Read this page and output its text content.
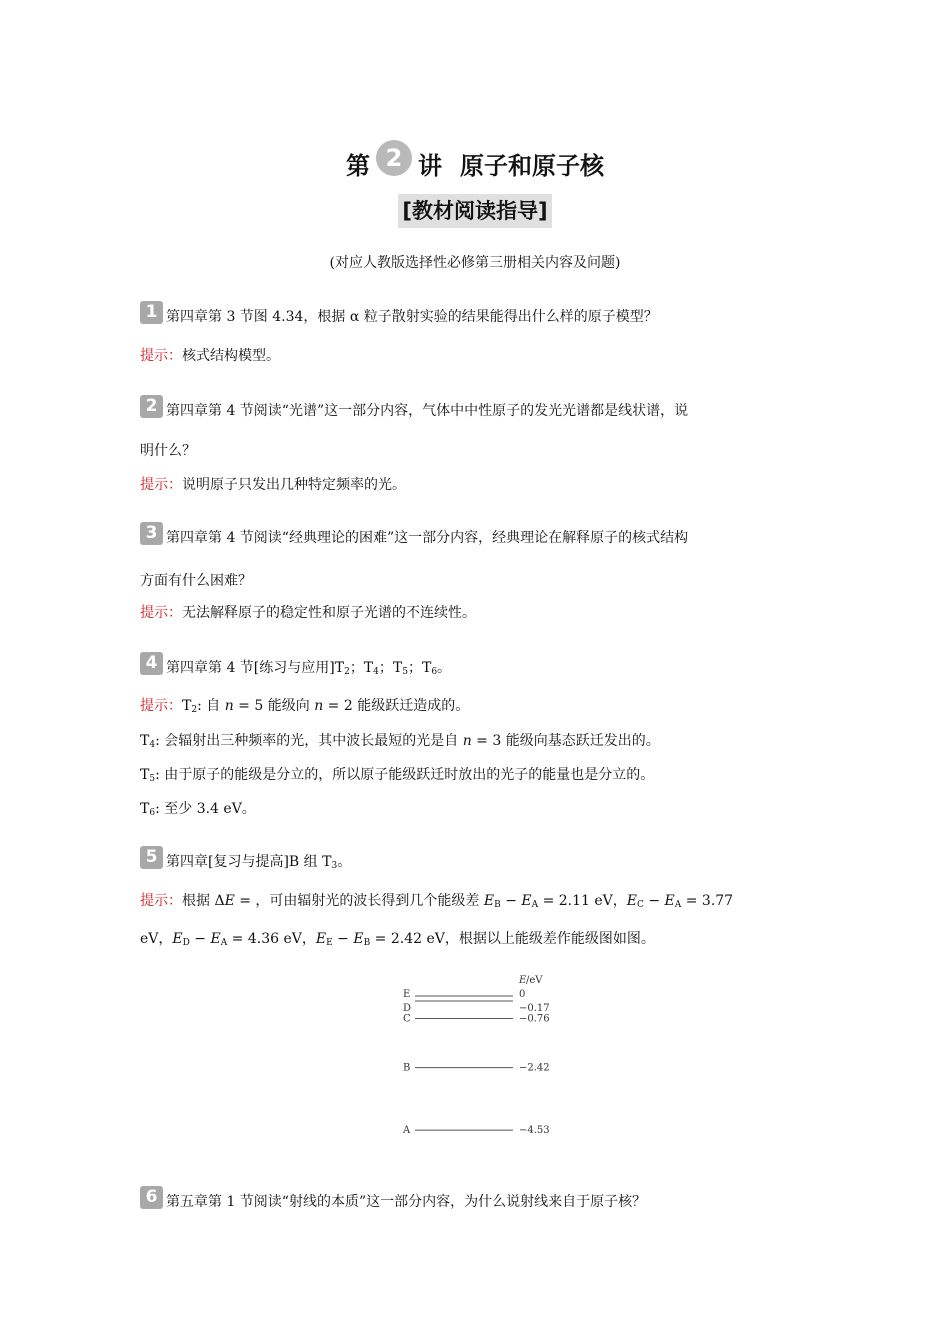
第 2 讲 原子和原子核
[教材阅读指导]
(对应人教版选择性必修第三册相关内容及问题)
1 第四章第 3 节图 4.34，根据 α 粒子散射实验的结果能得出什么样的原子模型？
提示：核式结构模型。
2 第四章第 4 节阅读“光谱”这一部分内容，气体中中性原子的发光光谱都是线状谱，说
明什么？
提示：说明原子只发出几种特定频率的光。
3 第四章第 4 节阅读“经典理论的困难”这一部分内容，经典理论在解释原子的核式结构
方面有什么困难？
提示：无法解释原子的稳定性和原子光谱的不连续性。
4 第四章第 4 节[练习与应用]$T_2$；$T_4$；$T_5$；$T_6$。
提示：$T_2$: 自 n = 5 能级向 n = 2 能级跃迁造成的。
$T_4$: 会辐射出三种频率的光，其中波长最短的光是自 n = 3 能级向基态跃迁发出的。
$T_5$: 由于原子的能级是分立的，所以原子能级跃迁时放出的光子的能量也是分立的。
$T_6$: 至少 3.4 eV。
5 第四章[复习与提高]B 组 $T_3$。
提示：根据 ΔE = ，可由辐射光的波长得到几个能级差 $E_B - E_A = 2.11$ eV，$E_C - E_A = 3.77$
eV，$E_D - E_A = 4.36$ eV，$E_E - E_B = 2.42$ eV，根据以上能级差作能级图如图。
E /eV
E	0
D	−0.17
C	−0.76
B	−2.42
A	−4.53
6 第五章第 1 节阅读“射线的本质”这一部分内容，为什么说射线来自于原子核？
